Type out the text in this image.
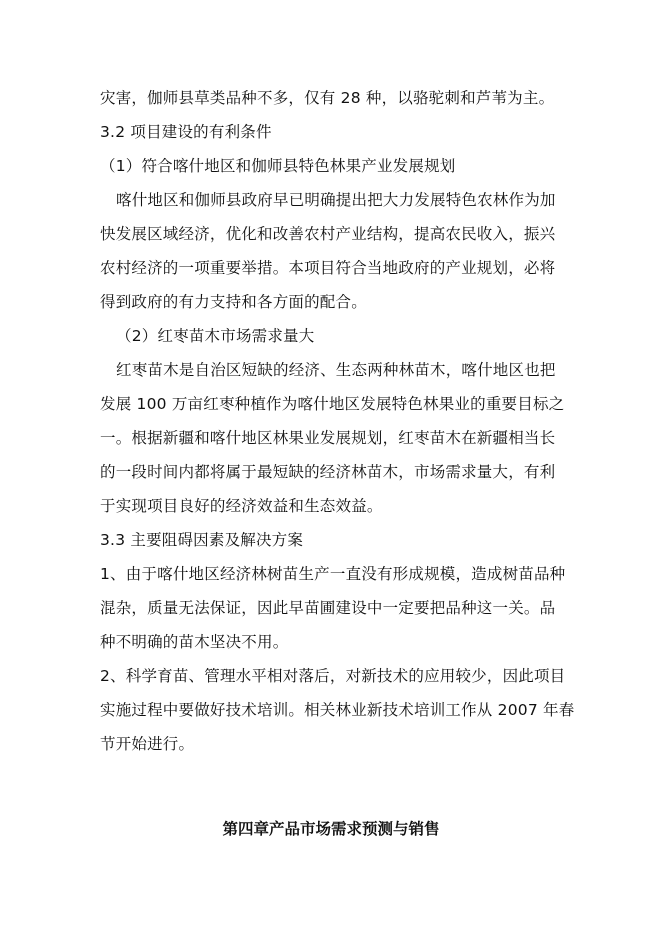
灾害，伽师县草类品种不多，仅有 28 种，以骆驼刺和芦苇为主。
3.2 项目建设的有利条件
（1）符合喀什地区和伽师县特色林果产业发展规划
喀什地区和伽师县政府早已明确提出把大力发展特色农林作为加
快发展区域经济，优化和改善农村产业结构，提高农民收入，振兴
农村经济的一项重要举措。本项目符合当地政府的产业规划，必将
得到政府的有力支持和各方面的配合。
（2）红枣苗木市场需求量大
红枣苗木是自治区短缺的经济、生态两种林苗木，喀什地区也把
发展 100 万亩红枣种植作为喀什地区发展特色林果业的重要目标之
一。根据新疆和喀什地区林果业发展规划，红枣苗木在新疆相当长
的一段时间内都将属于最短缺的经济林苗木，市场需求量大，有利
于实现项目良好的经济效益和生态效益。
3.3 主要阻碍因素及解决方案
1、由于喀什地区经济林树苗生产一直没有形成规模，造成树苗品种
混杂，质量无法保证，因此早苗圃建设中一定要把品种这一关。品
种不明确的苗木坚决不用。
2、科学育苗、管理水平相对落后，对新技术的应用较少，因此项目
实施过程中要做好技术培训。相关林业新技术培训工作从 2007 年春
节开始进行。
第四章产品市场需求预测与销售
